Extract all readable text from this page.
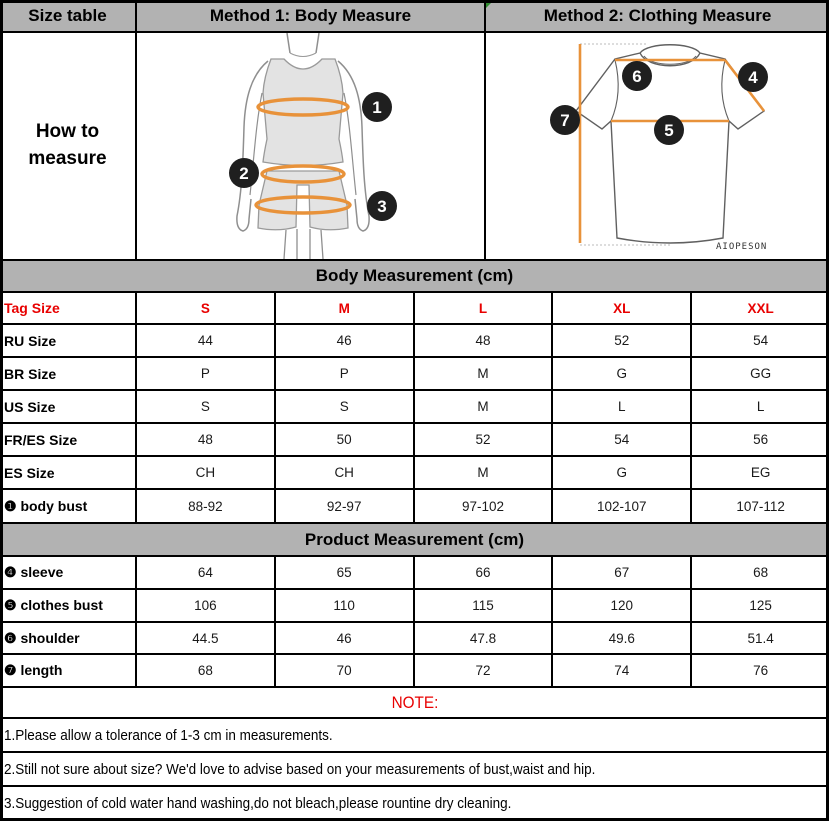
Size table	Method 1: Body Measure	Method 2: Clothing Measure
How to
measure
1
2
3
6	4
7
5
AIOPESON
Body Measurement (cm)
Tag Size	S	M	L	XL	XXL
RU Size	44	46	48	52	54
BR Size	P	P	M	G	GG
US Size	S	S	M	L	L
FR/ES Size	48	50	52	54	56
ES Size	CH	CH	M	G	EG
❶ body bust	88-92	92-97	97-102	102-107	107-112
Product Measurement (cm)
❹ sleeve	64	65	66	67	68
❺ clothes bust	106	110	115	120	125
❻ shoulder	44.5	46	47.8	49.6	51.4
❼ length	68	70	72	74	76
NOTE:
1.Please allow a tolerance of 1-3 cm in measurements.
2.Still not sure about size? We'd love to advise based on your measurements of bust,waist and hip.
3.Suggestion of cold water hand washing,do not bleach,please rountine dry cleaning.
